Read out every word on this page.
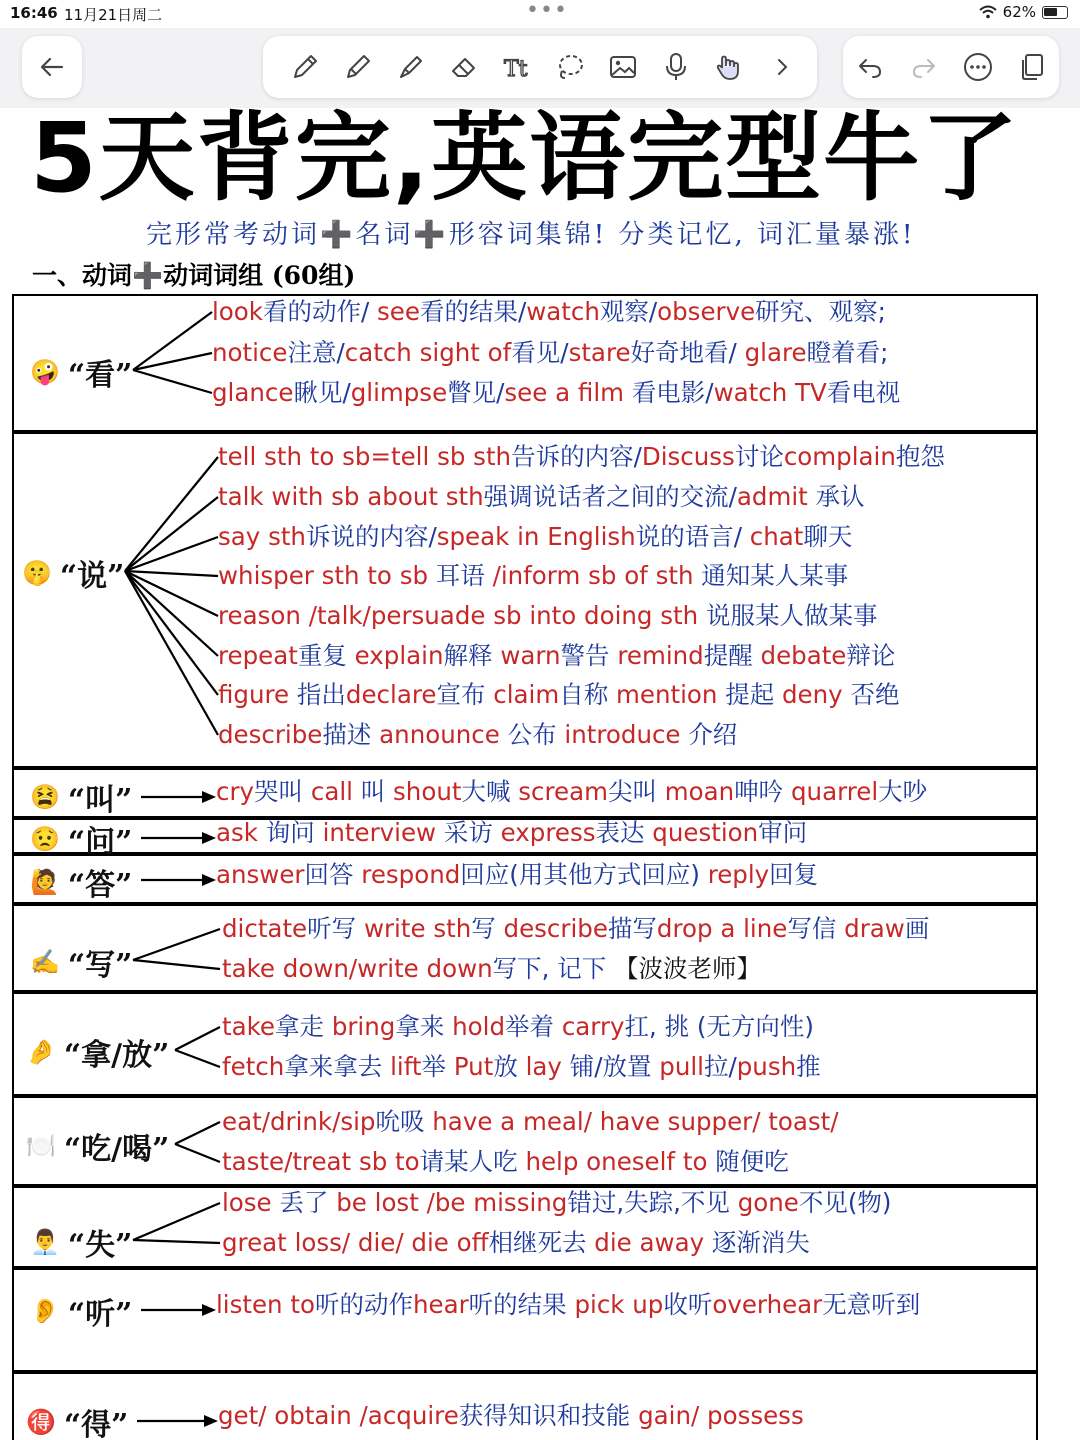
16:46 11月21日周二	•••	62%
Tt
5天背完,英语完型牛了
完形常考动词➕名词➕形容词集锦! 分类记忆, 词汇量暴涨!
一、动词➕动词词组 (60组)
🤪 “看”
look看的动作/ see看的结果/watch观察/observe研究、观察;
notice注意/catch sight of看见/stare好奇地看/ glare瞪着看;
glance瞅见/glimpse瞥见/see a film 看电影/watch TV看电视
🤫 “说”
tell sth to sb=tell sb sth告诉的内容/Discuss讨论complain抱怨
talk with sb about sth强调说话者之间的交流/admit 承认
say sth诉说的内容/speak in English说的语言/ chat聊天
whisper sth to sb 耳语 /inform sb of sth 通知某人某事
reason /talk/persuade sb into doing sth 说服某人做某事
repeat重复 explain解释 warn警告 remind提醒 debate辩论
figure 指出declare宣布 claim自称 mention 提起 deny 否绝
describe描述 announce 公布 introduce 介绍
😫 “叫”	cry哭叫 call 叫 shout大喊 scream尖叫 moan呻吟 quarrel大吵
😟 “问”	ask 询问 interview 采访 express表达 question审问
🙋 “答”	answer回答 respond回应(用其他方式回应) reply回复
✍️ “写”
dictate听写 write sth写 describe描写drop a line写信 draw画
take down/write down写下, 记下 【波波老师】
🤌 “拿/放”
take拿走 bring拿来 hold举着 carry扛, 挑 (无方向性)
fetch拿来拿去 lift举 Put放 lay 铺/放置 pull拉/push推
🍽️ “吃/喝”
eat/drink/sip吮吸 have a meal/ have supper/ toast/
taste/treat sb to请某人吃 help oneself to 随便吃
👨‍💼 “失”
lose 丢了 be lost /be missing错过,失踪,不见 gone不见(物)
great loss/ die/ die off相继死去 die away 逐渐消失
👂 “听”	listen to听的动作hear听的结果 pick up收听overhear无意听到
🉐 “得”	get/ obtain /acquire获得知识和技能 gain/ possess
